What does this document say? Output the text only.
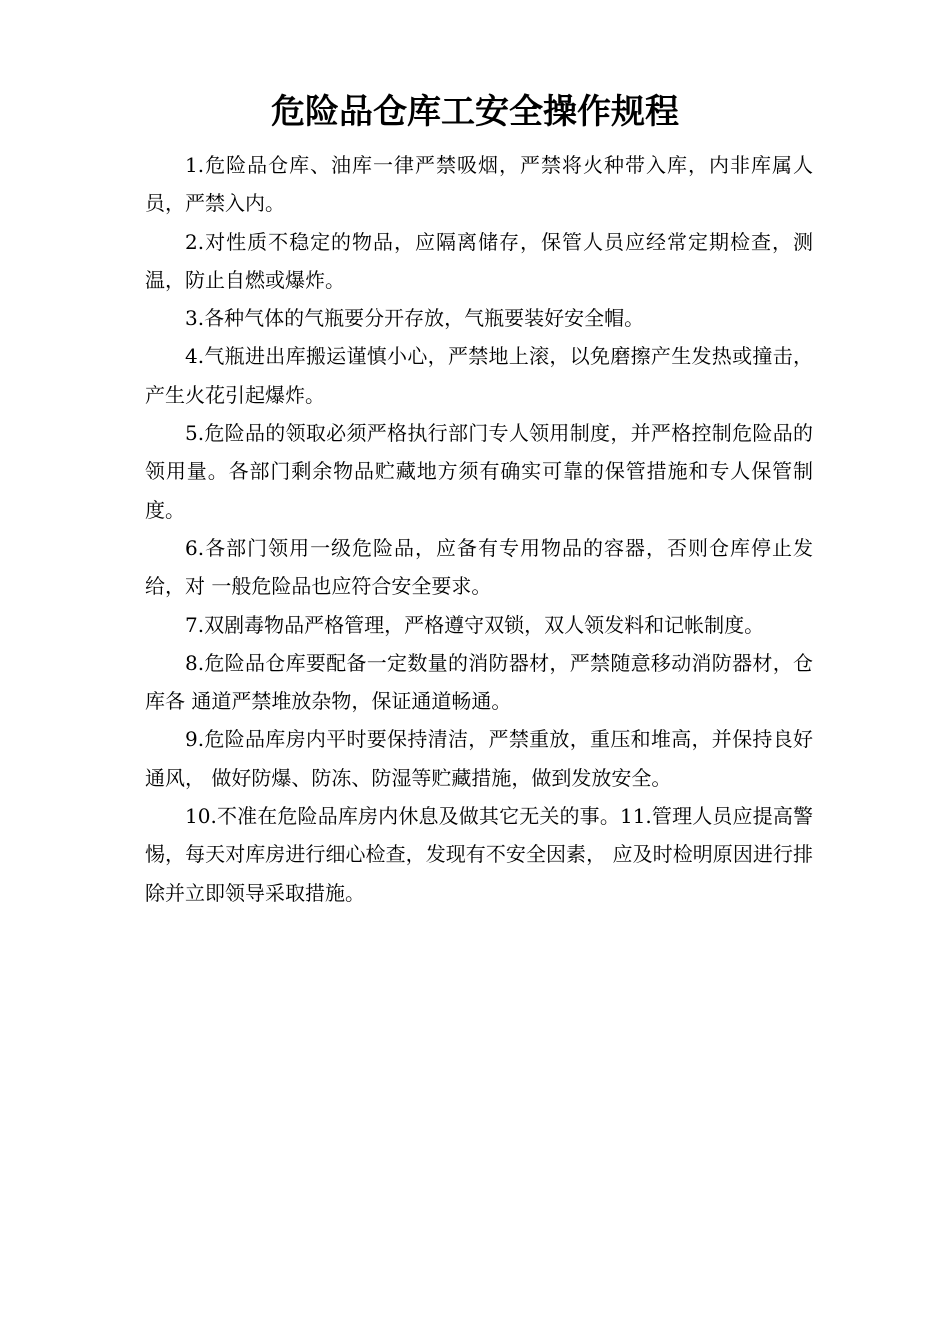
危险品仓库工安全操作规程

1.危险品仓库、油库一律严禁吸烟，严禁将火种带入库，内非库属人员，严禁入内。

2.对性质不稳定的物品，应隔离储存，保管人员应经常定期检查，测温，防止自燃或爆炸。

3.各种气体的气瓶要分开存放，气瓶要装好安全帽。

4.气瓶进出库搬运谨慎小心，严禁地上滚，以免磨擦产生发热或撞击，产生火花引起爆炸。

5.危险品的领取必须严格执行部门专人领用制度，并严格控制危险品的领用量。各部门剩余物品贮藏地方须有确实可靠的保管措施和专人保管制度。

6.各部门领用一级危险品，应备有专用物品的容器，否则仓库停止发给，对 一般危险品也应符合安全要求。

7.双剧毒物品严格管理，严格遵守双锁，双人领发料和记帐制度。

8.危险品仓库要配备一定数量的消防器材，严禁随意移动消防器材，仓库各 通道严禁堆放杂物，保证通道畅通。

9.危险品库房内平时要保持清洁，严禁重放，重压和堆高，并保持良好通风， 做好防爆、防冻、防湿等贮藏措施，做到发放安全。

10.不准在危险品库房内休息及做其它无关的事。11.管理人员应提高警惕，每天对库房进行细心检查，发现有不安全因素， 应及时检明原因进行排除并立即领导采取措施。
